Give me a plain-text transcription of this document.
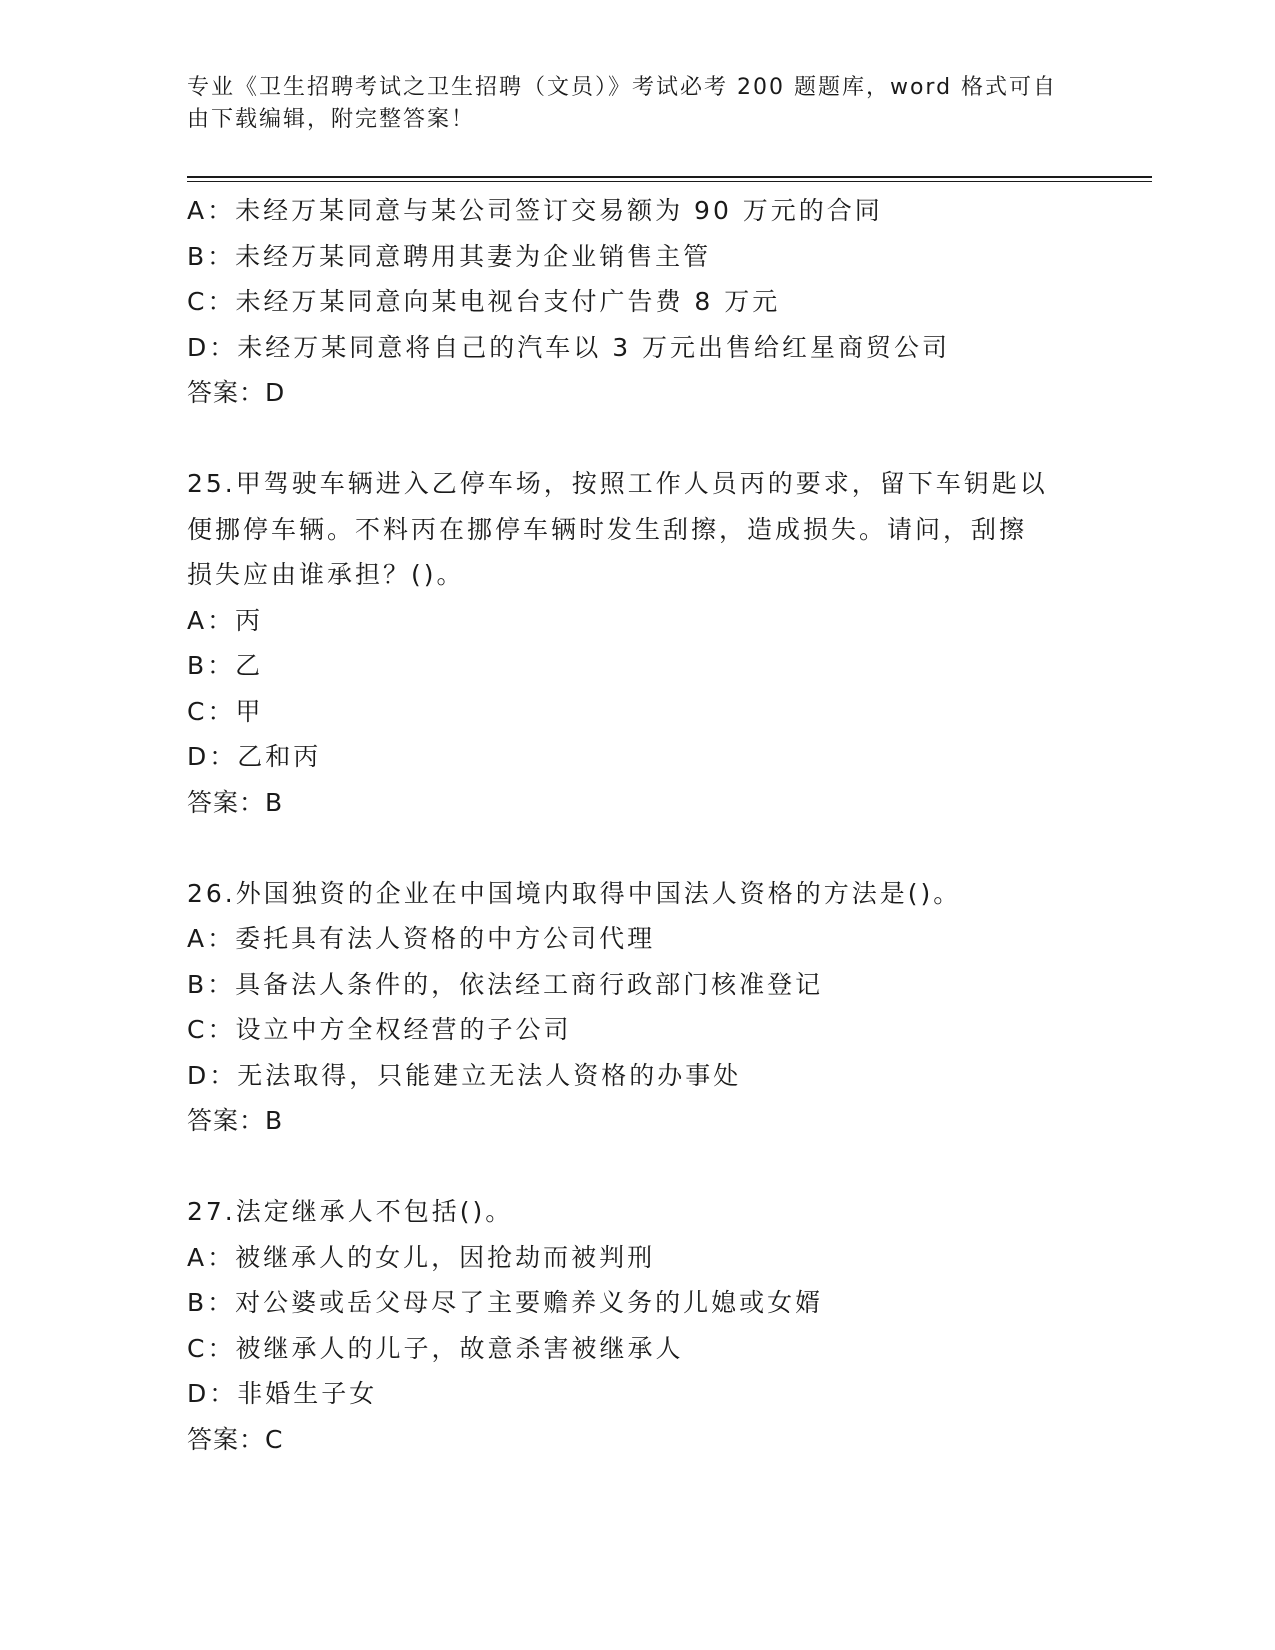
专业《卫生招聘考试之卫生招聘（文员）》考试必考 200 题题库，word 格式可自
由下载编辑，附完整答案！
A：未经万某同意与某公司签订交易额为 90 万元的合同
B：未经万某同意聘用其妻为企业销售主管
C：未经万某同意向某电视台支付广告费 8 万元
D：未经万某同意将自己的汽车以 3 万元出售给红星商贸公司
答案：D
25.甲驾驶车辆进入乙停车场，按照工作人员丙的要求，留下车钥匙以
便挪停车辆。不料丙在挪停车辆时发生刮擦，造成损失。请问，刮擦
损失应由谁承担？()。
A：丙
B：乙
C：甲
D：乙和丙
答案：B
26.外国独资的企业在中国境内取得中国法人资格的方法是()。
A：委托具有法人资格的中方公司代理
B：具备法人条件的，依法经工商行政部门核准登记
C：设立中方全权经营的子公司
D：无法取得，只能建立无法人资格的办事处
答案：B
27.法定继承人不包括()。
A：被继承人的女儿，因抢劫而被判刑
B：对公婆或岳父母尽了主要赡养义务的儿媳或女婿
C：被继承人的儿子，故意杀害被继承人
D：非婚生子女
答案：C
